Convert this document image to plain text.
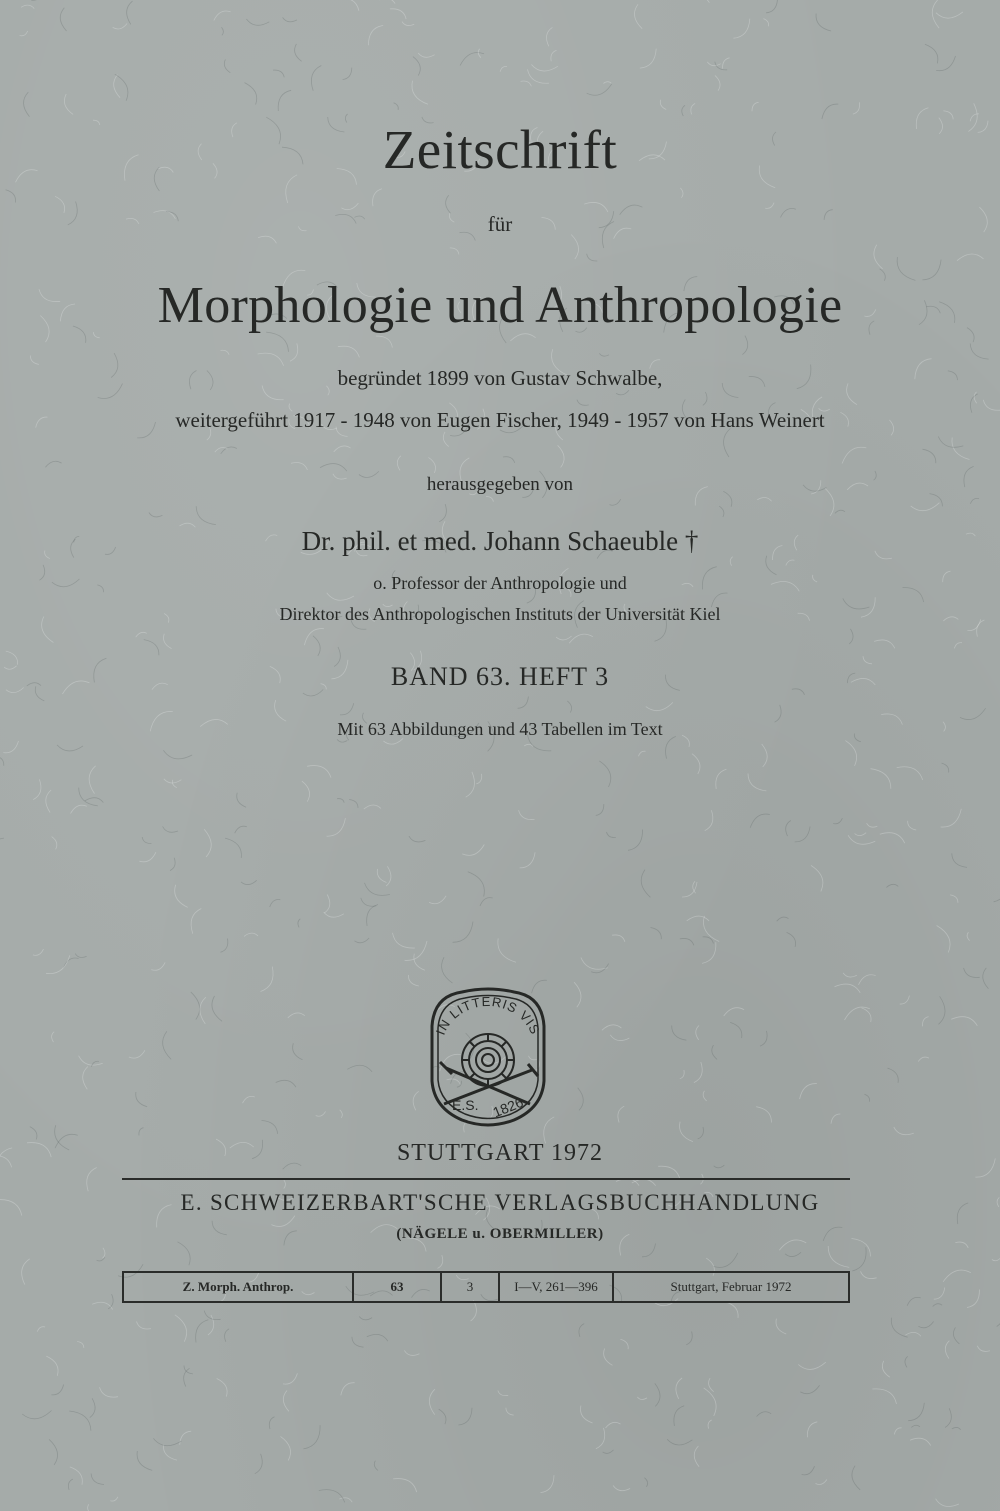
Zeitschrift
für
Morphologie und Anthropologie
begründet 1899 von Gustav Schwalbe,
weitergeführt 1917 - 1948 von Eugen Fischer, 1949 - 1957 von Hans Weinert
herausgegeben von
Dr. phil. et med. Johann Schaeuble †
o. Professor der Anthropologie und
Direktor des Anthropologischen Instituts der Universität Kiel
BAND 63. HEFT 3
Mit 63 Abbildungen und 43 Tabellen im Text
IN LITTERIS VIS
E.S. 1826
STUTTGART 1972
E. SCHWEIZERBART'SCHE VERLAGSBUCHHANDLUNG
(NÄGELE u. OBERMILLER)
Z. Morph. Anthrop.	63	3	I—V, 261—396	Stuttgart, Februar 1972
